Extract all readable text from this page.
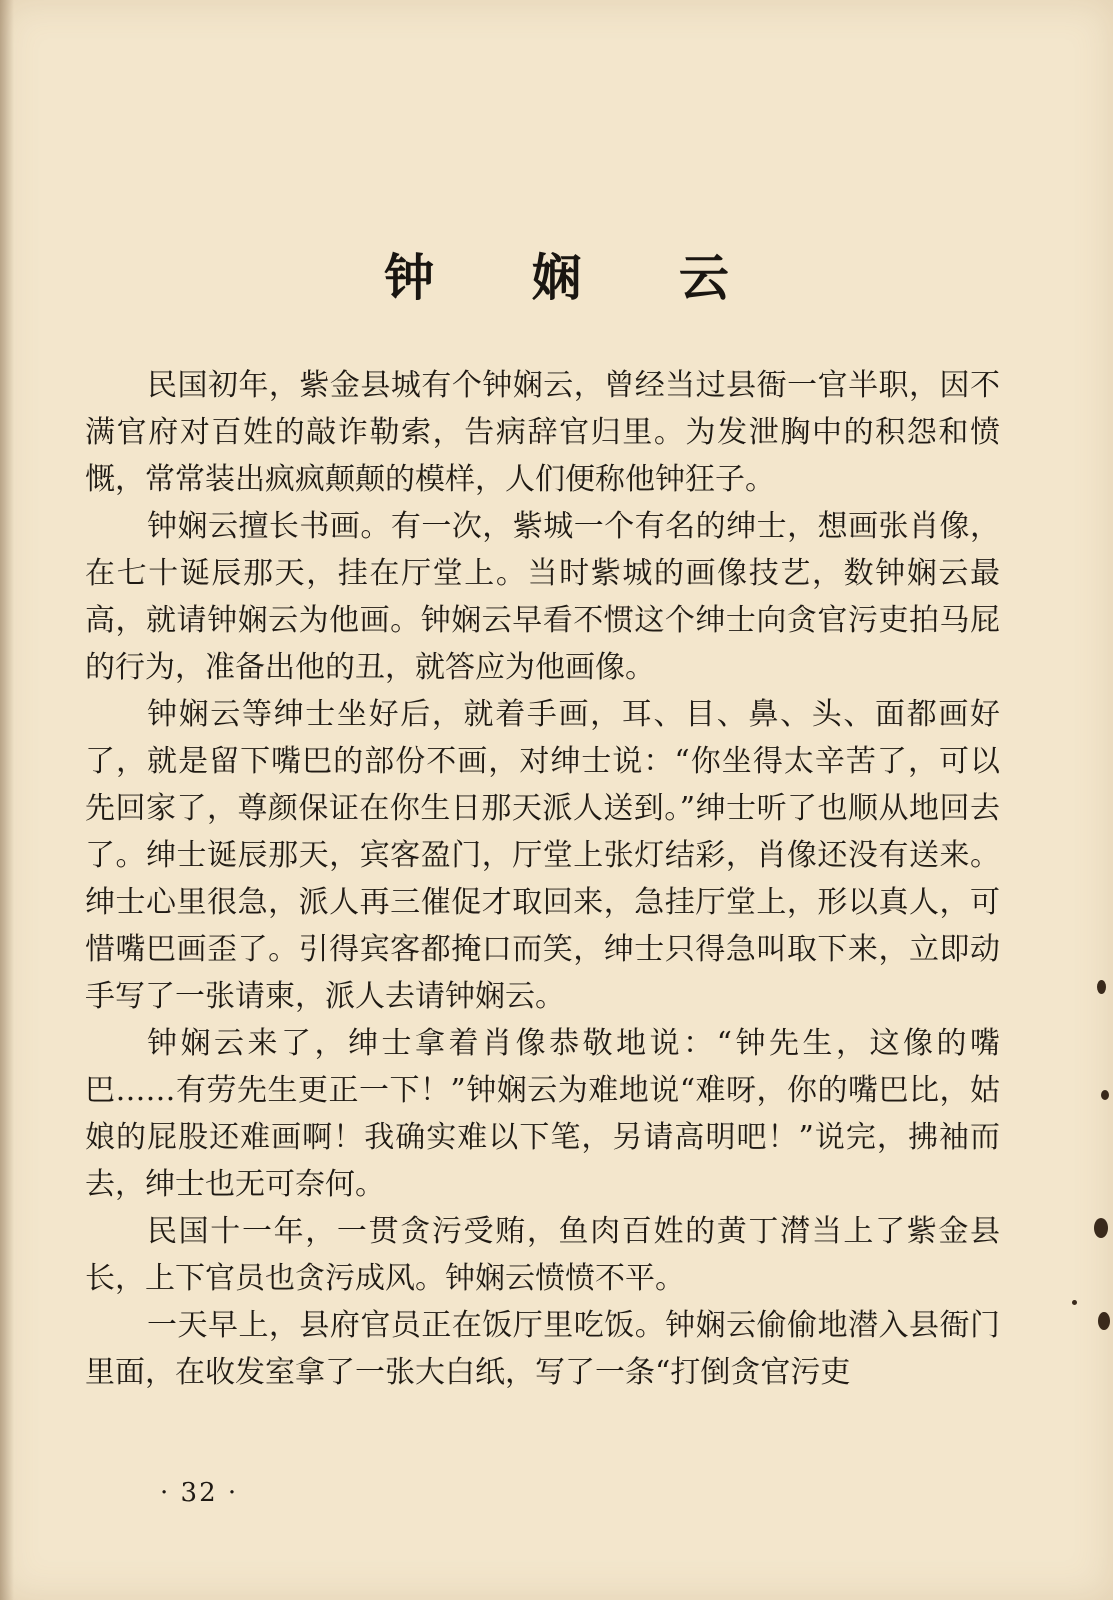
钟 娴 云

民国初年，紫金县城有个钟娴云，曾经当过县衙一官半职，因不满官府对百姓的敲诈勒索，告病辞官归里。为发泄胸中的积怨和愤慨，常常装出疯疯颠颠的模样，人们便称他钟狂子。

钟娴云擅长书画。有一次，紫城一个有名的绅士，想画张肖像，在七十诞辰那天，挂在厅堂上。当时紫城的画像技艺，数钟娴云最高，就请钟娴云为他画。钟娴云早看不惯这个绅士向贪官污吏拍马屁的行为，准备出他的丑，就答应为他画像。

钟娴云等绅士坐好后，就着手画，耳、目、鼻、头、面都画好了，就是留下嘴巴的部份不画，对绅士说：“你坐得太辛苦了，可以先回家了，尊颜保证在你生日那天派人送到。”绅士听了也顺从地回去了。绅士诞辰那天，宾客盈门，厅堂上张灯结彩，肖像还没有送来。绅士心里很急，派人再三催促才取回来，急挂厅堂上，形以真人，可惜嘴巴画歪了。引得宾客都掩口而笑，绅士只得急叫取下来，立即动手写了一张请柬，派人去请钟娴云。

钟娴云来了，绅士拿着肖像恭敬地说：“钟先生，这像的嘴巴……有劳先生更正一下！”钟娴云为难地说“难呀，你的嘴巴比，姑娘的屁股还难画啊！我确实难以下笔，另请高明吧！”说完，拂袖而去，绅士也无可奈何。

民国十一年，一贯贪污受贿，鱼肉百姓的黄丁潸当上了紫金县长，上下官员也贪污成风。钟娴云愤愤不平。

一天早上，县府官员正在饭厅里吃饭。钟娴云偷偷地潜入县衙门里面，在收发室拿了一张大白纸，写了一条“打倒贪官污吏

· 32 ·
